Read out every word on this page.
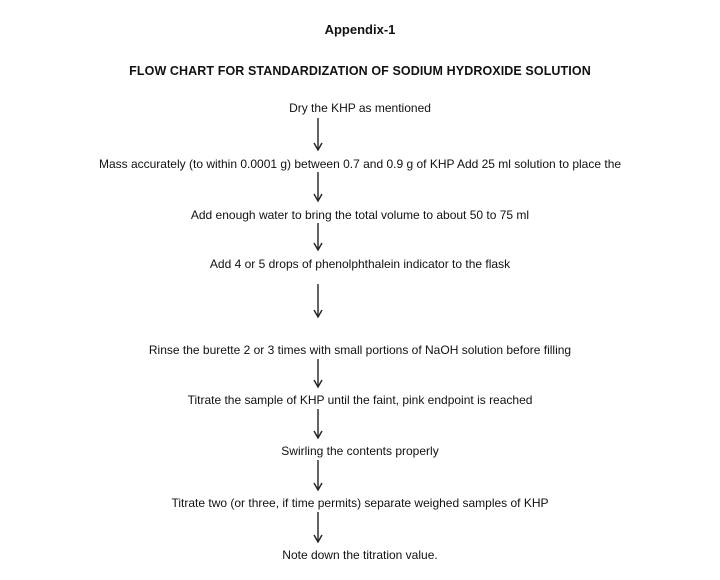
Appendix-1
FLOW CHART FOR STANDARDIZATION OF SODIUM HYDROXIDE SOLUTION
Dry the KHP as mentioned
Mass accurately (to within 0.0001 g) between 0.7 and 0.9 g of KHP Add 25 ml solution to place the
Add enough water to bring the total volume to about 50 to 75 ml
Add 4 or 5 drops of phenolphthalein indicator to the flask
Rinse the burette 2 or 3 times with small portions of NaOH solution before filling
Titrate the sample of KHP until the faint, pink endpoint is reached
Swirling the contents properly
Titrate two (or three, if time permits) separate weighed samples of KHP
Note down the titration value.
